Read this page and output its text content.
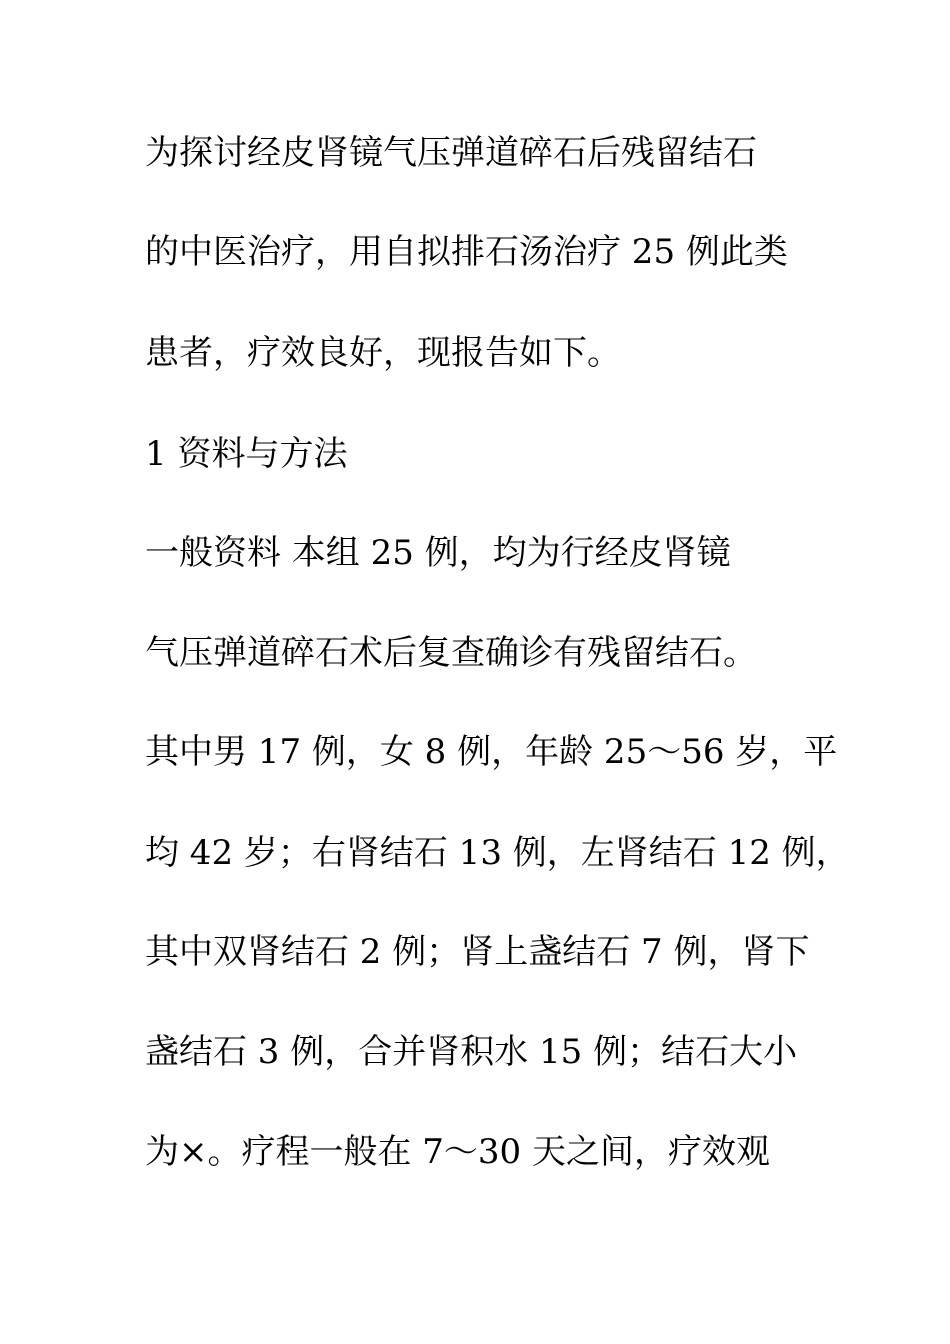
为探讨经皮肾镜气压弹道碎石后残留结石
的中医治疗，用自拟排石汤治疗 25 例此类
患者，疗效良好，现报告如下。
1 资料与方法
一般资料 本组 25 例，均为行经皮肾镜
气压弹道碎石术后复查确诊有残留结石。
其中男 17 例，女 8 例，年龄 25～56 岁，平
均 42 岁；右肾结石 13 例，左肾结石 12 例，
其中双肾结石 2 例；肾上盏结石 7 例，肾下
盏结石 3 例，合并肾积水 15 例；结石大小
为×。疗程一般在 7～30 天之间，疗效观
